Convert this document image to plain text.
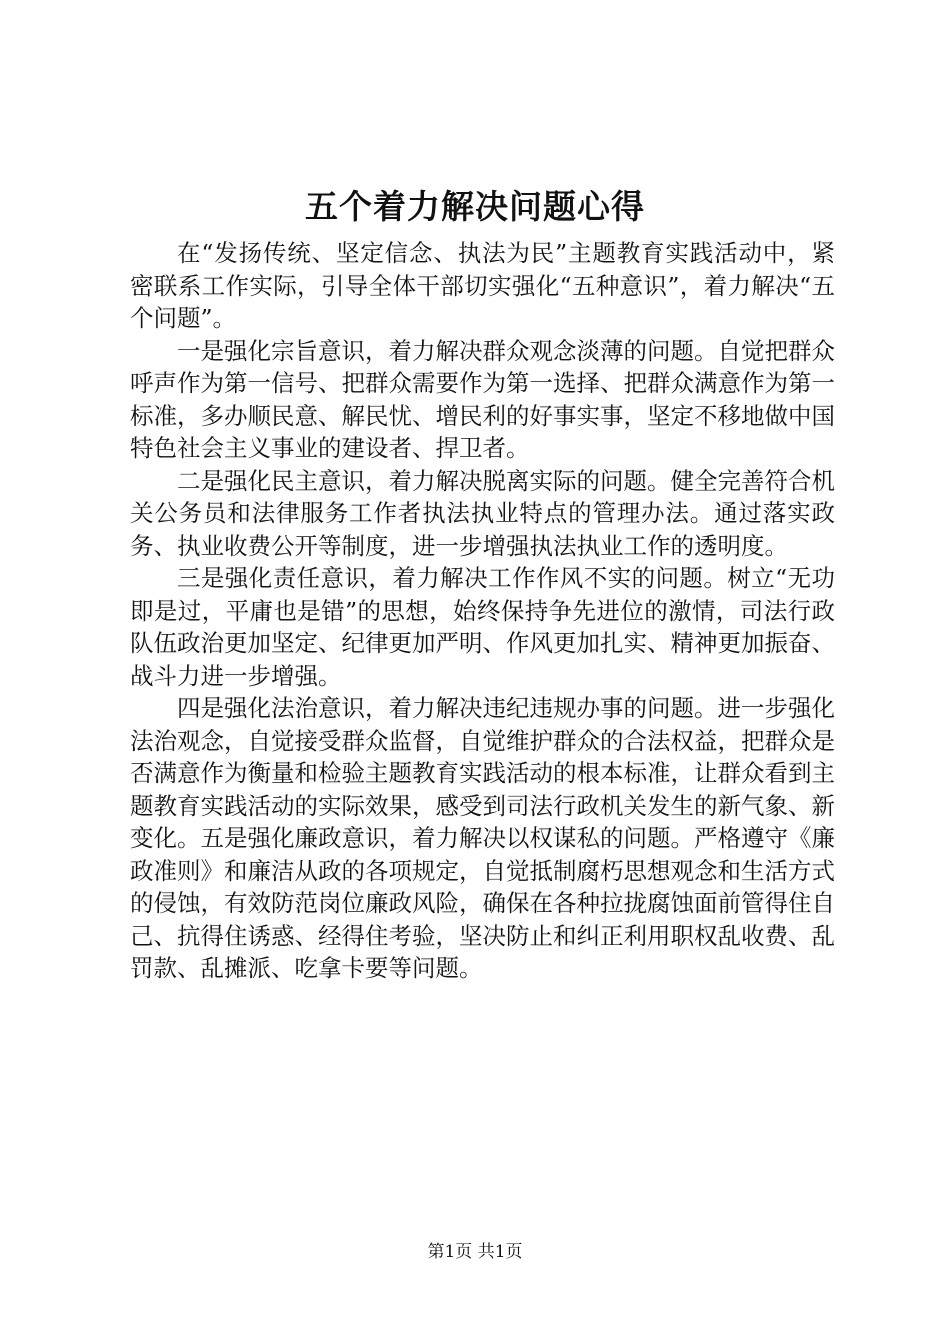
五个着力解决问题心得

在“发扬传统、坚定信念、执法为民”主题教育实践活动中，紧密联系工作实际，引导全体干部切实强化“五种意识”，着力解决“五个问题”。

一是强化宗旨意识，着力解决群众观念淡薄的问题。自觉把群众呼声作为第一信号、把群众需要作为第一选择、把群众满意作为第一标准，多办顺民意、解民忧、增民利的好事实事，坚定不移地做中国特色社会主义事业的建设者、捍卫者。

二是强化民主意识，着力解决脱离实际的问题。健全完善符合机关公务员和法律服务工作者执法执业特点的管理办法。通过落实政务、执业收费公开等制度，进一步增强执法执业工作的透明度。

三是强化责任意识，着力解决工作作风不实的问题。树立“无功即是过，平庸也是错”的思想，始终保持争先进位的激情，司法行政队伍政治更加坚定、纪律更加严明、作风更加扎实、精神更加振奋、战斗力进一步增强。

四是强化法治意识，着力解决违纪违规办事的问题。进一步强化法治观念，自觉接受群众监督，自觉维护群众的合法权益，把群众是否满意作为衡量和检验主题教育实践活动的根本标准，让群众看到主题教育实践活动的实际效果，感受到司法行政机关发生的新气象、新变化。五是强化廉政意识，着力解决以权谋私的问题。严格遵守《廉政准则》和廉洁从政的各项规定，自觉抵制腐朽思想观念和生活方式的侵蚀，有效防范岗位廉政风险，确保在各种拉拢腐蚀面前管得住自己、抗得住诱惑、经得住考验，坚决防止和纠正利用职权乱收费、乱罚款、乱摊派、吃拿卡要等问题。

第1页 共1页
